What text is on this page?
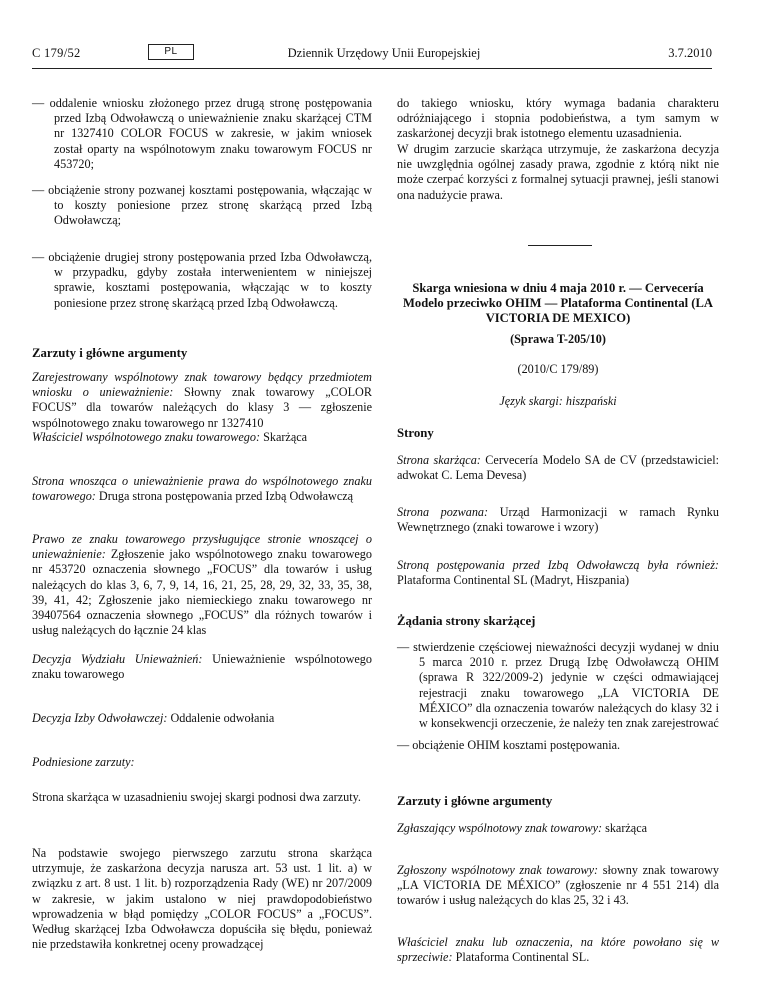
C 179/52	PL	Dziennik Urzędowy Unii Europejskiej	3.7.2010
— oddalenie wniosku złożonego przez drugą stronę postępowania przed Izbą Odwoławczą o unieważnienie znaku skarżącej CTM nr 1327410 COLOR FOCUS w zakresie, w jakim wniosek został oparty na wspólnotowym znaku towarowym FOCUS nr 453720;
— obciążenie strony pozwanej kosztami postępowania, włączając w to koszty poniesione przez stronę skarżącą przed Izbą Odwoławczą;
— obciążenie drugiej strony postępowania przed Izba Odwoławczą, w przypadku, gdyby została interwenientem w niniejszej sprawie, kosztami postępowania, włączając w to koszty poniesione przez stronę skarżącą przed Izbą Odwoławczą.
Zarzuty i główne argumenty
Zarejestrowany wspólnotowy znak towarowy będący przedmiotem wniosku o unieważnienie: Słowny znak towarowy „COLOR FOCUS” dla towarów należących do klasy 3 — zgłoszenie wspólnotowego znaku towarowego nr 1327410
Właściciel wspólnotowego znaku towarowego: Skarżąca
Strona wnosząca o unieważnienie prawa do wspólnotowego znaku towarowego: Druga strona postępowania przed Izbą Odwoławczą
Prawo ze znaku towarowego przysługujące stronie wnoszącej o unieważnienie: Zgłoszenie jako wspólnotowego znaku towarowego nr 453720 oznaczenia słownego „FOCUS” dla towarów i usług należących do klas 3, 6, 7, 9, 14, 16, 21, 25, 28, 29, 32, 33, 35, 38, 39, 41, 42; Zgłoszenie jako niemieckiego znaku towarowego nr 39407564 oznaczenia słownego „FOCUS” dla różnych towarów i usług należących do łącznie 24 klas
Decyzja Wydziału Unieważnień: Unieważnienie wspólnotowego znaku towarowego
Decyzja Izby Odwoławczej: Oddalenie odwołania
Podniesione zarzuty:
Strona skarżąca w uzasadnieniu swojej skargi podnosi dwa zarzuty.
Na podstawie swojego pierwszego zarzutu strona skarżąca utrzymuje, że zaskarżona decyzja narusza art. 53 ust. 1 lit. a) w związku z art. 8 ust. 1 lit. b) rozporządzenia Rady (WE) nr 207/2009 w zakresie, w jakim ustalono w niej prawdopodobieństwo wprowadzenia w błąd pomiędzy „COLOR FOCUS” a „FOCUS”. Według skarżącej Izba Odwoławcza dopuściła się błędu, ponieważ nie przedstawiła konkretnej oceny prowadzącej
do takiego wniosku, który wymaga badania charakteru odróżniającego i stopnia podobieństwa, a tym samym w zaskarżonej decyzji brak istotnego elementu uzasadnienia.
W drugim zarzucie skarżąca utrzymuje, że zaskarżona decyzja nie uwzględnia ogólnej zasady prawa, zgodnie z którą nikt nie może czerpać korzyści z formalnej sytuacji prawnej, jeśli stanowi ona nadużycie prawa.
Skarga wniesiona w dniu 4 maja 2010 r. — Cervecería Modelo przeciwko OHIM — Plataforma Continental (LA VICTORIA DE MEXICO)
(Sprawa T-205/10)
(2010/C 179/89)
Język skargi: hiszpański
Strony
Strona skarżąca: Cervecería Modelo SA de CV (przedstawiciel: adwokat C. Lema Devesa)
Strona pozwana: Urząd Harmonizacji w ramach Rynku Wewnętrznego (znaki towarowe i wzory)
Stroną postępowania przed Izbą Odwoławczą była również: Plataforma Continental SL (Madryt, Hiszpania)
Żądania strony skarżącej
— stwierdzenie częściowej nieważności decyzji wydanej w dniu 5 marca 2010 r. przez Drugą Izbę Odwoławczą OHIM (sprawa R 322/2009-2) jedynie w części odmawiającej rejestracji znaku towarowego „LA VICTORIA DE MÉXICO” dla oznaczenia towarów należących do klasy 32 i w konsekwencji orzeczenie, że należy ten znak zarejestrować
— obciążenie OHIM kosztami postępowania.
Zarzuty i główne argumenty
Zgłaszający wspólnotowy znak towarowy: skarżąca
Zgłoszony wspólnotowy znak towarowy: słowny znak towarowy „LA VICTORIA DE MÉXICO” (zgłoszenie nr 4 551 214) dla towarów i usług należących do klas 25, 32 i 43.
Właściciel znaku lub oznaczenia, na które powołano się w sprzeciwie: Plataforma Continental SL.
